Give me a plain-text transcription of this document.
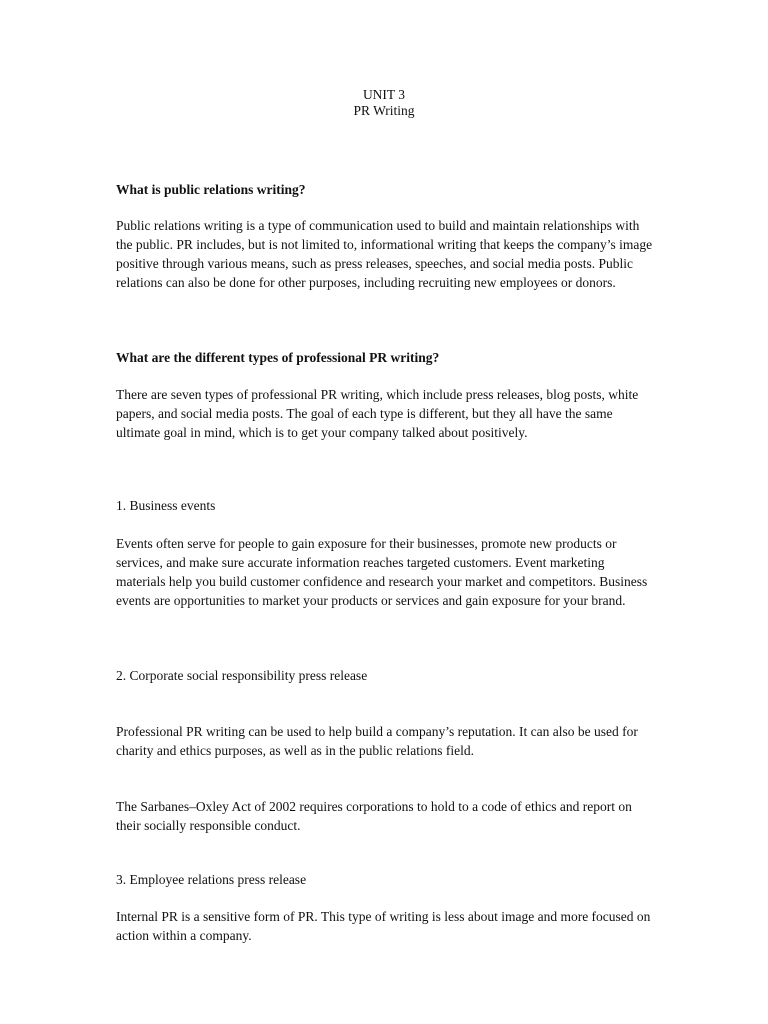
UNIT 3
PR Writing

What is public relations writing?

Public relations writing is a type of communication used to build and maintain relationships with the public. PR includes, but is not limited to, informational writing that keeps the company’s image positive through various means, such as press releases, speeches, and social media posts. Public relations can also be done for other purposes, including recruiting new employees or donors.

What are the different types of professional PR writing?

There are seven types of professional PR writing, which include press releases, blog posts, white papers, and social media posts. The goal of each type is different, but they all have the same ultimate goal in mind, which is to get your company talked about positively.

1. Business events

Events often serve for people to gain exposure for their businesses, promote new products or services, and make sure accurate information reaches targeted customers. Event marketing materials help you build customer confidence and research your market and competitors. Business events are opportunities to market your products or services and gain exposure for your brand.

2. Corporate social responsibility press release

Professional PR writing can be used to help build a company’s reputation. It can also be used for charity and ethics purposes, as well as in the public relations field.

The Sarbanes–Oxley Act of 2002 requires corporations to hold to a code of ethics and report on their socially responsible conduct.

3. Employee relations press release

Internal PR is a sensitive form of PR. This type of writing is less about image and more focused on action within a company.
